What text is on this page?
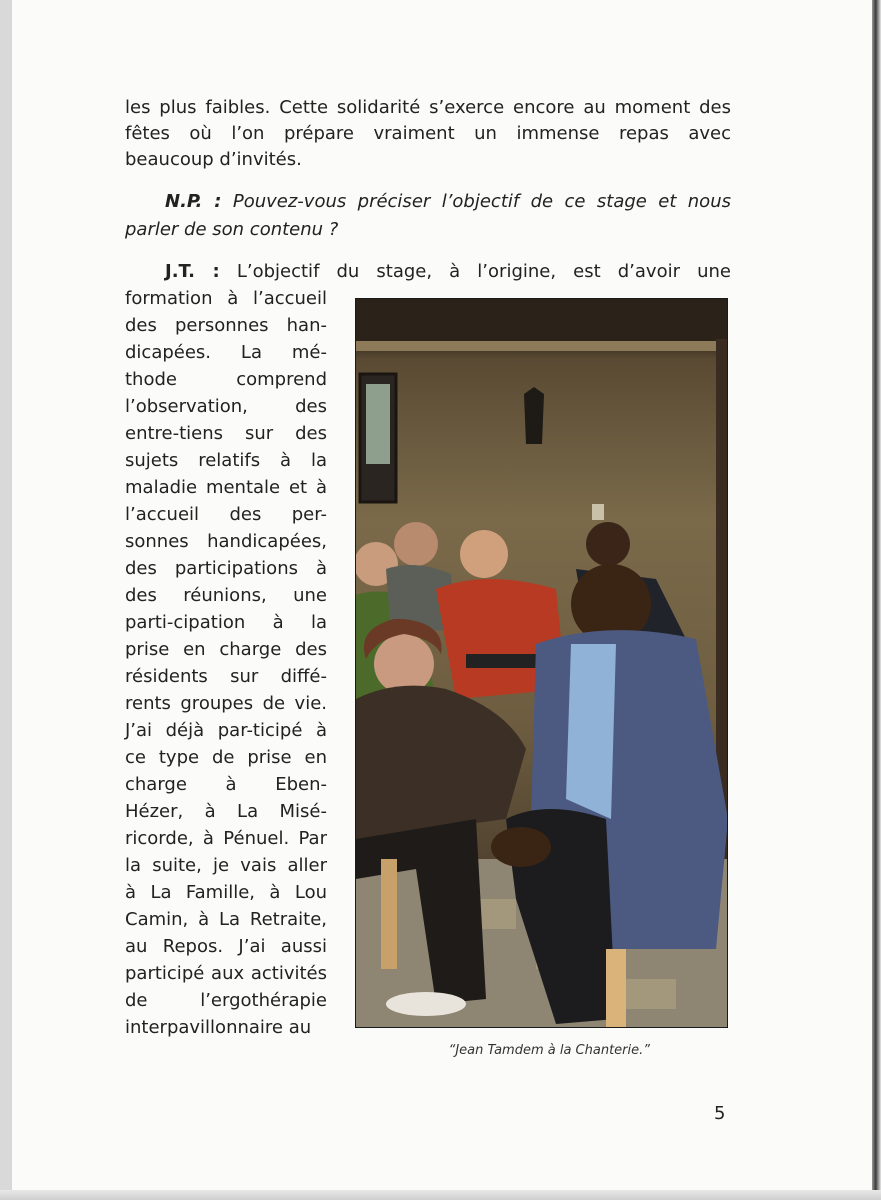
les plus faibles. Cette solidarité s’exerce encore au moment des
fêtes où l’on prépare vraiment un immense repas avec
beaucoup d’invités.
N.P. : Pouvez-vous préciser l’objectif de ce stage et nous
parler de son contenu ?
J.T. : L’objectif du stage, à l’origine, est d’avoir une
formation à l’accueil
des personnes han-
dicapées. La mé-
thode comprend
l’observation, des
entre-tiens sur des
sujets relatifs à la
maladie mentale et à
l’accueil des per-
sonnes handicapées,
des participations à
des réunions, une
parti-cipation à la
prise en charge des
résidents sur diffé-
rents groupes de vie.
J’ai déjà par-ticipé à
ce type de prise en
charge à Eben-
Hézer, à La Misé-
ricorde, à Pénuel. Par
la suite, je vais aller
à La Famille, à Lou
Camin, à La Retraite,
au Repos. J’ai aussi
participé aux activités
de l’ergothérapie
interpavillonnaire au
“Jean Tamdem à la Chanterie.”
5
